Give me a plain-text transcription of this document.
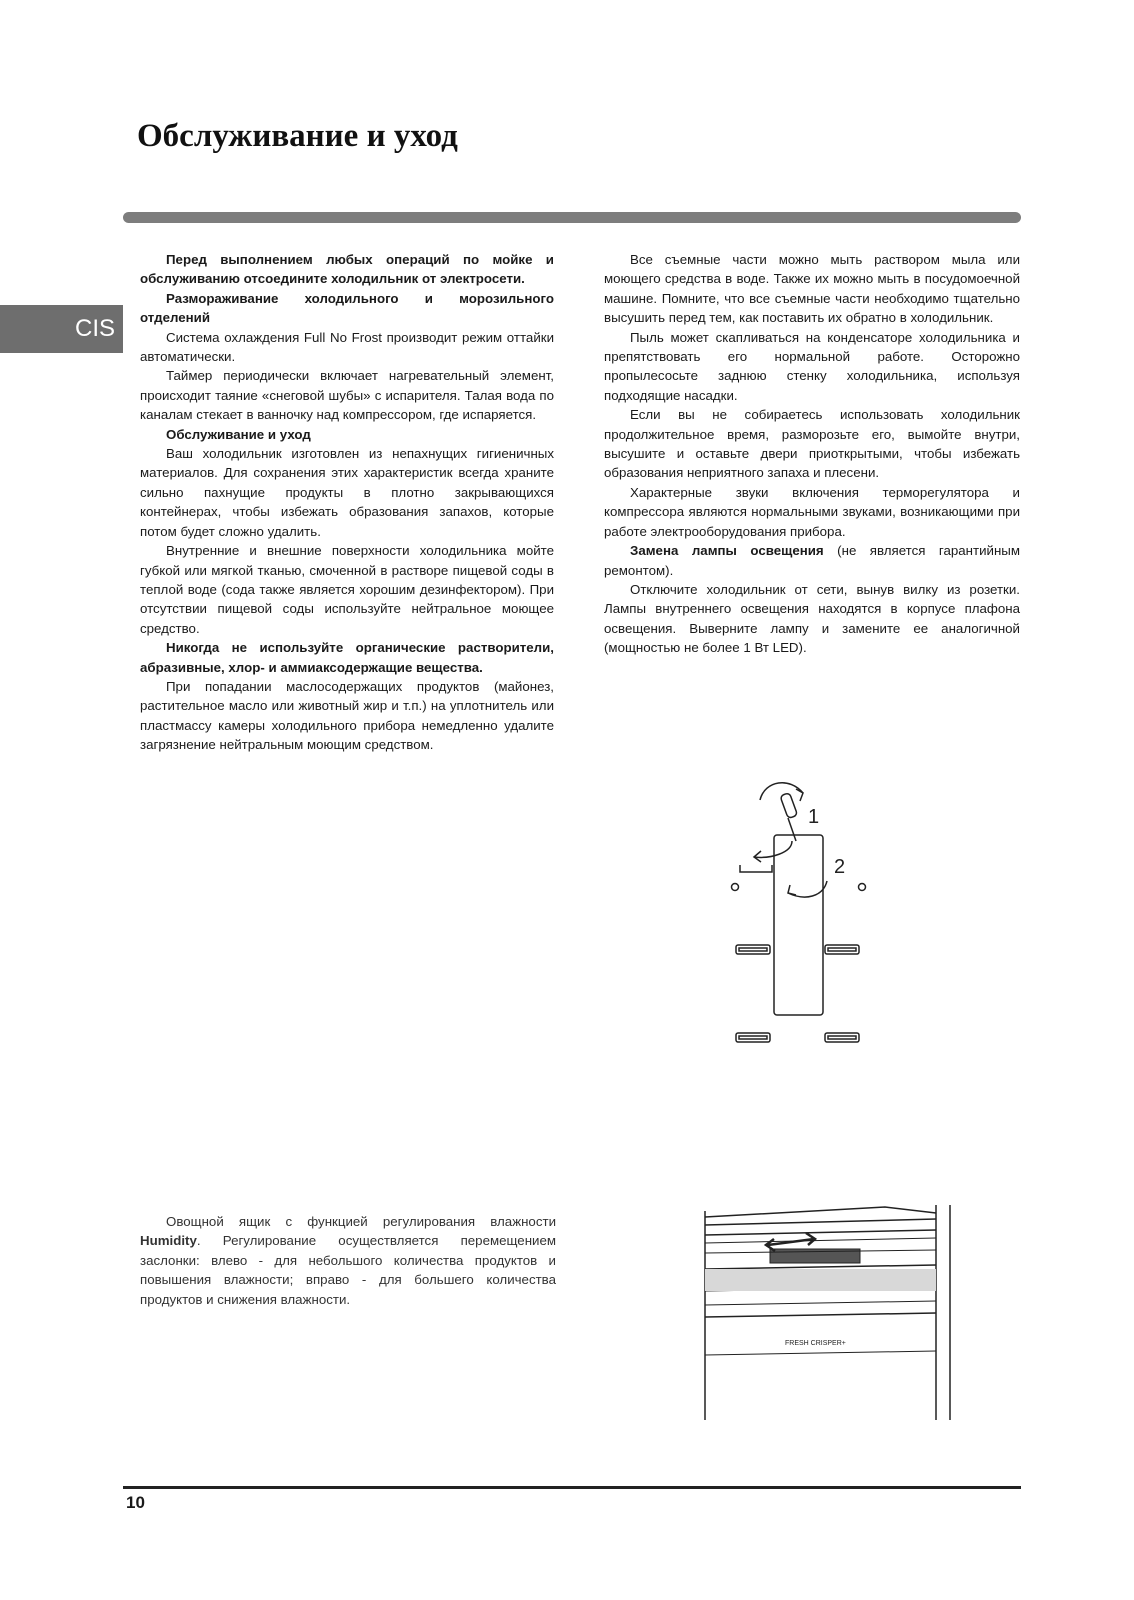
Обслуживание и уход
CIS

Перед выполнением любых операций по мойке и обслуживанию отсоедините холодильник от электросети.

Размораживание холодильного и морозильного отделений

Система охлаждения Full No Frost производит режим оттайки автоматически.

Таймер периодически включает нагревательный элемент, происходит таяние «снеговой шубы» с испарителя. Талая вода по каналам стекает в ванночку над компрессором, где испаряется.

Обслуживание и уход

Ваш холодильник изготовлен из непахнущих гигиеничных материалов. Для сохранения этих характеристик всегда храните сильно пахнущие продукты в плотно закрывающихся контейнерах, чтобы избежать образования запахов, которые потом будет сложно удалить.

Внутренние и внешние поверхности холодильника мойте губкой или мягкой тканью, смоченной в растворе пищевой соды в теплой воде (сода также является хорошим дезинфектором). При отсутствии пищевой соды используйте нейтральное моющее средство.

Никогда не используйте органические растворители, абразивные, хлор- и аммиаксодержащие вещества.

При попадании маслосодержащих продуктов (майонез, растительное масло или животный жир и т.п.) на уплотнитель или пластмассу камеры холодильного прибора немедленно удалите загрязнение нейтральным моющим средством.

Все съемные части можно мыть раствором мыла или моющего средства в воде. Также их можно мыть в посудомоечной машине. Помните, что все съемные части необходимо тщательно высушить перед тем, как поставить их обратно в холодильник.

Пыль может скапливаться на конденсаторе холодильника и препятствовать его нормальной работе. Осторожно пропылесосьте заднюю стенку холодильника, используя подходящие насадки.

Если вы не собираетесь использовать холодильник продолжительное время, разморозьте его, вымойте внутри, высушите и оставьте двери приоткрытыми, чтобы избежать образования неприятного запаха и плесени.

Характерные звуки включения терморегулятора и компрессора являются нормальными звуками, возникающими при работе электрооборудования прибора.

Замена лампы освещения (не является гарантийным ремонтом).

Отключите холодильник от сети, вынув вилку из розетки. Лампы внутреннего освещения находятся в корпусе плафона освещения. Выверните лампу и замените ее аналогичной (мощностью не более 1 Вт LED).

1
2

Овощной ящик с функцией регулирования влажности Humidity. Регулирование осуществляется перемещением заслонки: влево - для небольшого количества продуктов и повышения влажности; вправо - для большего количества продуктов и снижения влажности.

FRESH CRISPER+
10
